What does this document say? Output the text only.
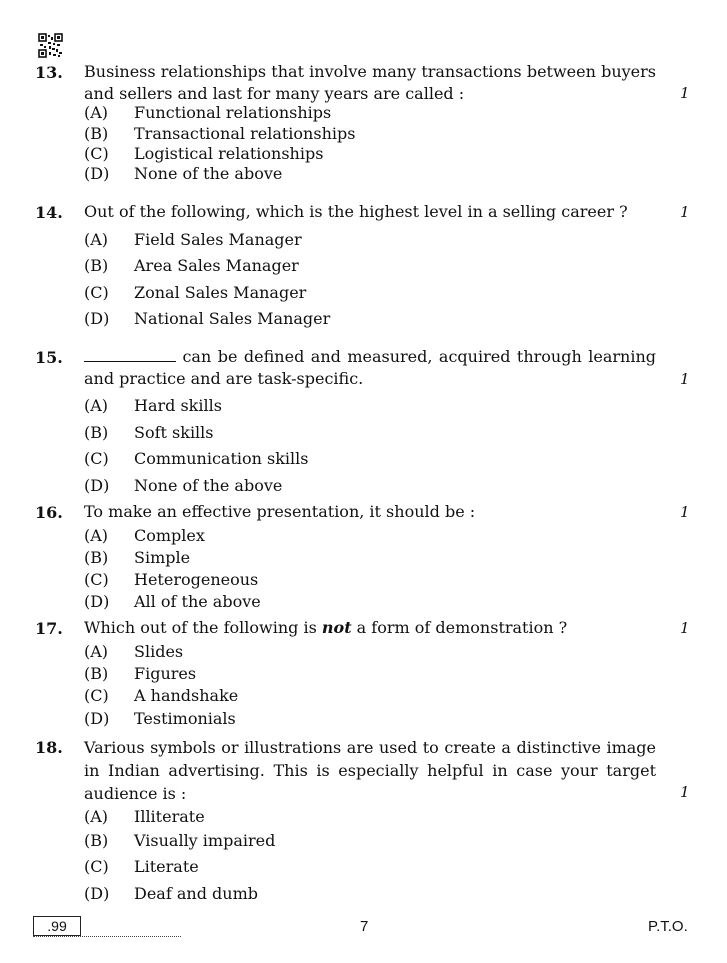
13. Business relationships that involve many transactions between buyers and sellers and last for many years are called :	1
(A) Functional relationships
(B) Transactional relationships
(C) Logistical relationships
(D) None of the above
14. Out of the following, which is the highest level in a selling career ?	1
(A) Field Sales Manager
(B) Area Sales Manager
(C) Zonal Sales Manager
(D) National Sales Manager
15.	can be defined and measured, acquired through learning and practice and are task-specific.	1
(A) Hard skills
(B) Soft skills
(C) Communication skills
(D) None of the above
16. To make an effective presentation, it should be :	1
(A) Complex
(B) Simple
(C) Heterogeneous
(D) All of the above
17. Which out of the following is not a form of demonstration ?	1
(A) Slides
(B) Figures
(C) A handshake
(D) Testimonials
18. Various symbols or illustrations are used to create a distinctive image in Indian advertising. This is especially helpful in case your target audience is :	1
(A) Illiterate
(B) Visually impaired
(C) Literate
(D) Deaf and dumb
.99	7	P.T.O.
